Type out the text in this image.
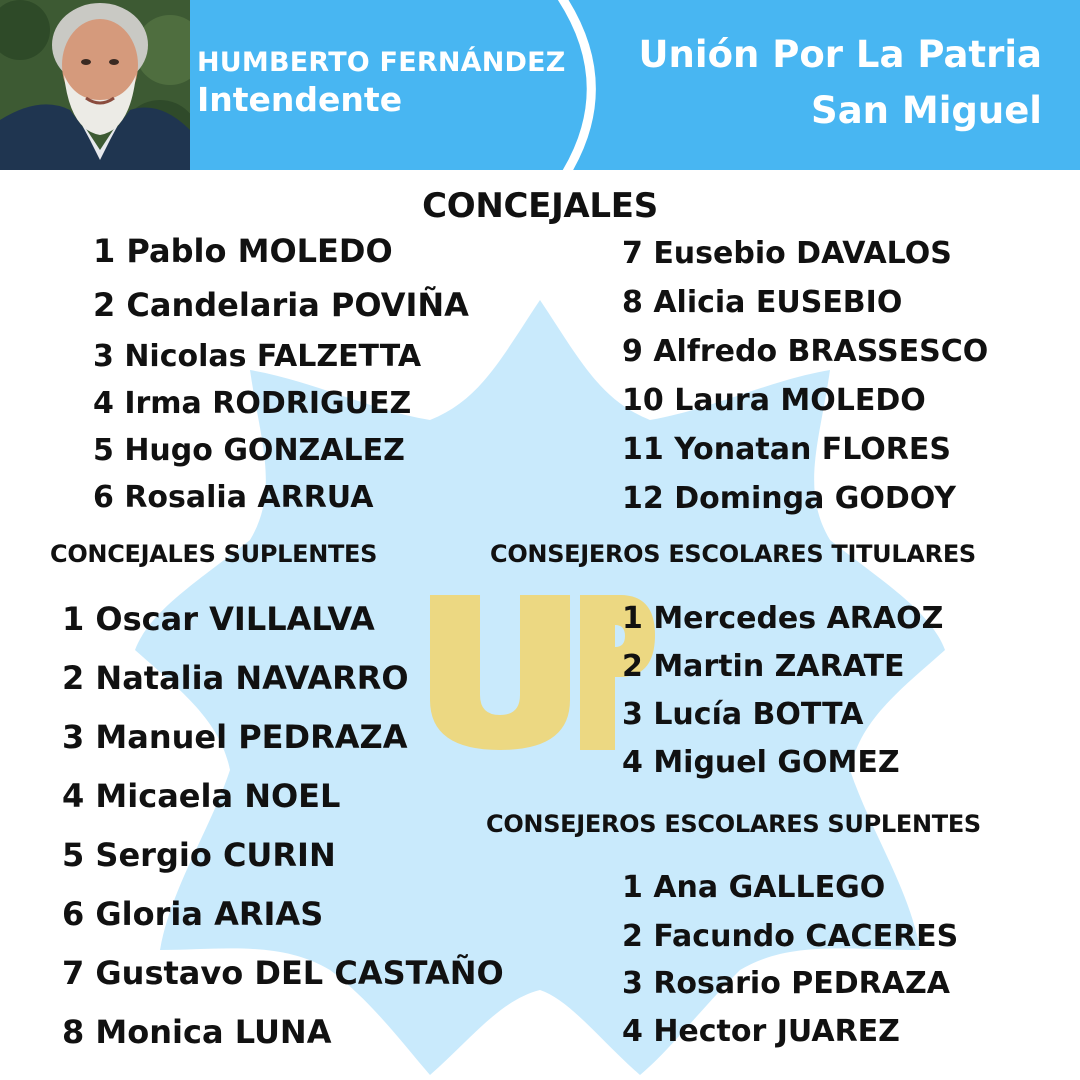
HUMBERTO FERNÁNDEZ
Intendente
Unión Por La Patria
San Miguel
CONCEJALES
1 Pablo MOLEDO
2 Candelaria POVIÑA
3 Nicolas FALZETTA
4 Irma RODRIGUEZ
5 Hugo GONZALEZ
6 Rosalia ARRUA
7 Eusebio DAVALOS
8 Alicia EUSEBIO
9 Alfredo BRASSESCO
10 Laura MOLEDO
11 Yonatan FLORES
12 Dominga GODOY
CONCEJALES SUPLENTES
1 Oscar VILLALVA
2 Natalia NAVARRO
3 Manuel PEDRAZA
4 Micaela NOEL
5 Sergio CURIN
6 Gloria ARIAS
7 Gustavo DEL CASTAÑO
8 Monica LUNA
CONSEJEROS ESCOLARES TITULARES
1 Mercedes ARAOZ
2 Martin ZARATE
3 Lucía BOTTA
4 Miguel GOMEZ
CONSEJEROS ESCOLARES SUPLENTES
1 Ana GALLEGO
2 Facundo CACERES
3 Rosario PEDRAZA
4 Hector JUAREZ
